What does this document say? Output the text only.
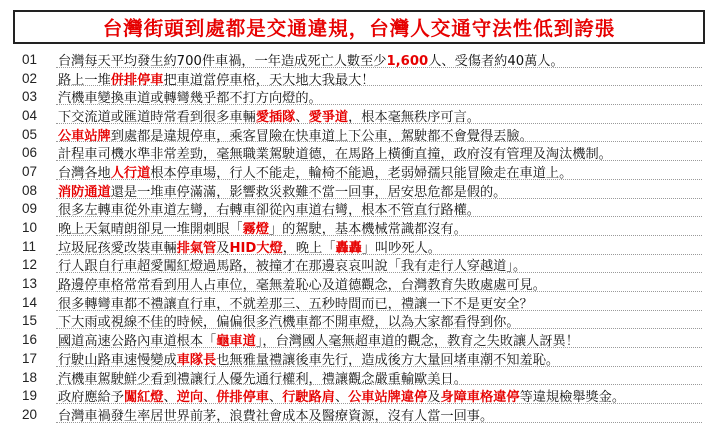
台灣街頭到處都是交通違規，台灣人交通守法性低到誇張
01	台灣每天平均發生約700件車禍，一年造成死亡人數至少1,600人、受傷者約40萬人。
02	路上一堆併排停車把車道當停車格，天大地大我最大！
03	汽機車變換車道或轉彎幾乎都不打方向燈的。
04	下交流道或匯道時常看到很多車輛愛插隊、愛爭道，根本毫無秩序可言。
05	公車站牌到處都是違規停車，乘客冒險在快車道上下公車，駕駛都不會覺得丟臉。
06	計程車司機水準非常差勁，毫無職業駕駛道德，在馬路上橫衝直撞，政府沒有管理及淘汰機制。
07	台灣各地人行道根本停車場，行人不能走，輪椅不能過，老弱婦孺只能冒險走在車道上。
08	消防通道還是一堆車停滿滿，影響救災救難不當一回事，居安思危都是假的。
09	很多左轉車從外車道左彎，右轉車卻從內車道右彎，根本不管直行路權。
10	晚上天氣晴朗卻見一堆開刺眼「霧燈」的駕駛，基本機械常識都沒有。
11	垃圾屁孩愛改裝車輛排氣管及HID大燈，晚上「轟轟」叫吵死人。
12	行人跟自行車超愛闖紅燈過馬路，被撞才在那邊哀哀叫說「我有走行人穿越道」。
13	路邊停車格常常看到用人占車位，毫無羞恥心及道德觀念，台灣教育失敗處處可見。
14	很多轉彎車都不禮讓直行車，不就差那三、五秒時間而已，禮讓一下不是更安全？
15	下大雨或視線不佳的時候，偏偏很多汽機車都不開車燈，以為大家都看得到你。
16	國道高速公路內車道根本「龜車道」，台灣國人毫無超車道的觀念，教育之失敗讓人訝異！
17	行駛山路車速慢變成車隊長也無雅量禮讓後車先行，造成後方大量回堵車潮不知羞恥。
18	汽機車駕駛鮮少看到禮讓行人優先通行權利，禮讓觀念嚴重輸歐美日。
19	政府應給予闖紅燈、逆向、併排停車、行駛路肩、公車站牌違停及身障車格違停等違規檢舉獎金。
20	台灣車禍發生率居世界前茅，浪費社會成本及醫療資源，沒有人當一回事。
